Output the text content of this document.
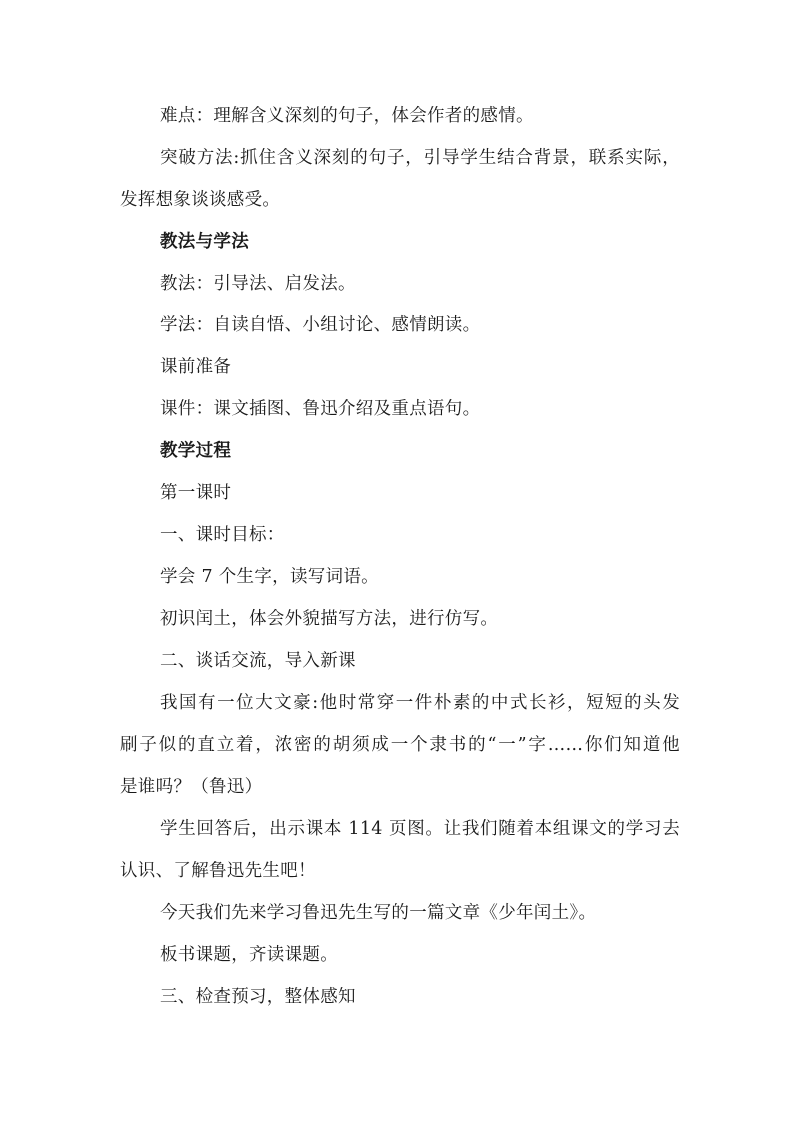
难点：理解含义深刻的句子，体会作者的感情。
突破方法:抓住含义深刻的句子，引导学生结合背景，联系实际，
发挥想象谈谈感受。
教法与学法
教法：引导法、启发法。
学法：自读自悟、小组讨论、感情朗读。
课前准备
课件：课文插图、鲁迅介绍及重点语句。
教学过程
第一课时
一、课时目标：
学会 7 个生字，读写词语。
初识闰土，体会外貌描写方法，进行仿写。
二、谈话交流，导入新课
我国有一位大文豪:他时常穿一件朴素的中式长衫，短短的头发
刷子似的直立着，浓密的胡须成一个隶书的“一”字……你们知道他
是谁吗？（鲁迅）
学生回答后，出示课本 114 页图。让我们随着本组课文的学习去
认识、了解鲁迅先生吧！
今天我们先来学习鲁迅先生写的一篇文章《少年闰土》。
板书课题，齐读课题。
三、检查预习，整体感知
